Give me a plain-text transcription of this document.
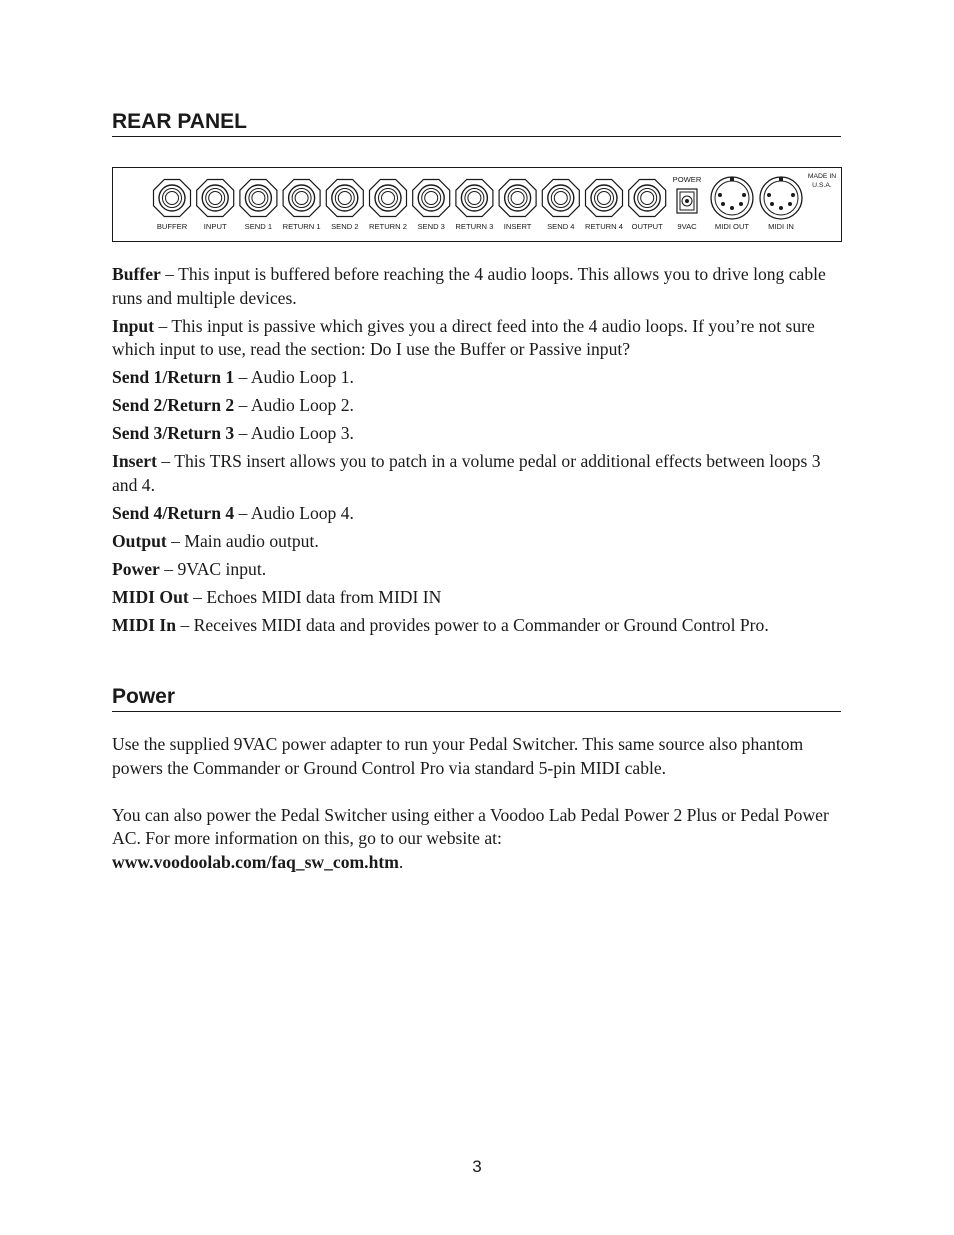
REAR PANEL
BUFFER INPUT SEND 1 RETURN 1 SEND 2 RETURN 2 SEND 3 RETURN 3 INSERT SEND 4 RETURN 4 OUTPUT
POWER
9VAC MIDI OUT	MIDI IN
MADE IN
U.S.A.

Buffer – This input is buffered before reaching the 4 audio loops. This allows you to drive long cable runs and multiple devices.

Input – This input is passive which gives you a direct feed into the 4 audio loops. If you’re not sure which input to use, read the section: Do I use the Buffer or Passive input?

Send 1/Return 1 – Audio Loop 1.

Send 2/Return 2 – Audio Loop 2.

Send 3/Return 3 – Audio Loop 3.

Insert – This TRS insert allows you to patch in a volume pedal or additional effects between loops 3 and 4.

Send 4/Return 4 – Audio Loop 4.

Output – Main audio output.

Power – 9VAC input.

MIDI Out – Echoes MIDI data from MIDI IN

MIDI In – Receives MIDI data and provides power to a Commander or Ground Control Pro.

Power

Use the supplied 9VAC power adapter to run your Pedal Switcher. This same source also phantom powers the Commander or Ground Control Pro via standard 5-pin MIDI cable.

You can also power the Pedal Switcher using either a Voodoo Lab Pedal Power 2 Plus or Pedal Power AC. For more information on this, go to our website at:
www.voodoolab.com/faq_sw_com.htm.

3
